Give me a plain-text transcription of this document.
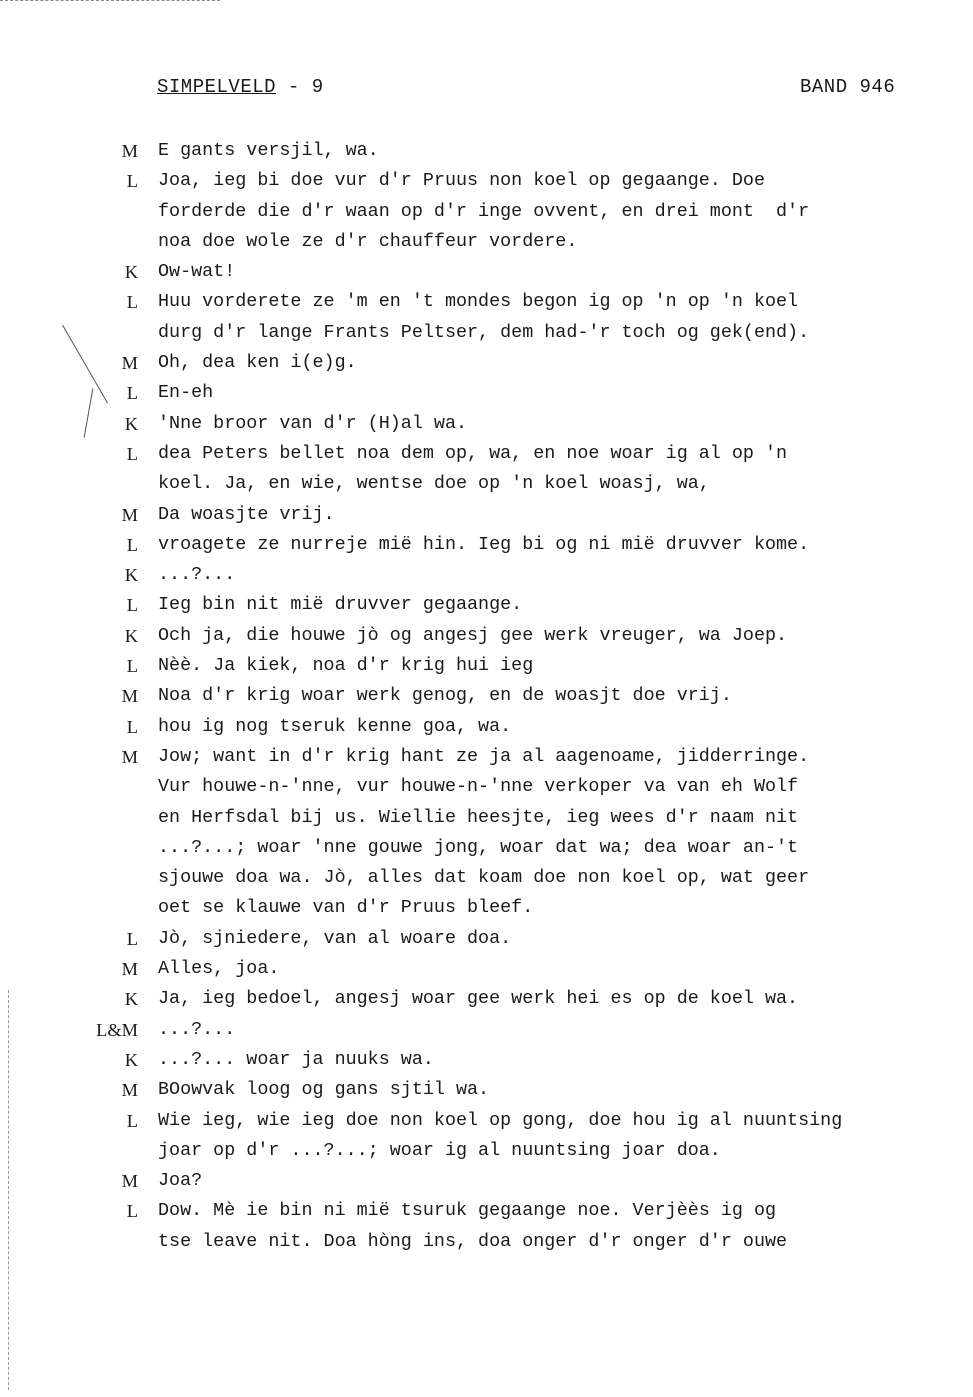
SIMPELVELD - 9	BAND 946
M E gants versjil, wa.
L Joa, ieg bi doe vur d'r Pruus non koel op gegaange. Doe
forderde die d'r waan op d'r inge ovvent, en drei mont  d'r
noa doe wole ze d'r chauffeur vordere.
K Ow-wat!
L Huu vorderete ze 'm en 't mondes begon ig op 'n op 'n koel
durg d'r lange Frants Peltser, dem had-'r toch og gek(end).
M Oh, dea ken i(e)g.
L En-eh
K 'Nne broor van d'r (H)al wa.
L dea Peters bellet noa dem op, wa, en noe woar ig al op 'n
koel. Ja, en wie, wentse doe op 'n koel woasj, wa,
M Da woasjte vrij.
L vroagete ze nurreje mië hin. Ieg bi og ni mië druvver kome.
K ...?...
L Ieg bin nit mië druvver gegaange.
K Och ja, die houwe jò og angesj gee werk vreuger, wa Joep.
L Nèè. Ja kiek, noa d'r krig hui ieg
M Noa d'r krig woar werk genog, en de woasjt doe vrij.
L hou ig nog tseruk kenne goa, wa.
M Jow; want in d'r krig hant ze ja al aagenoame, jidderringe.
Vur houwe-n-'nne, vur houwe-n-'nne verkoper va van eh Wolf
en Herfsdal bij us. Wiellie heesjte, ieg wees d'r naam nit
...?...; woar 'nne gouwe jong, woar dat wa; dea woar an-'t
sjouwe doa wa. Jò, alles dat koam doe non koel op, wat geer
oet se klauwe van d'r Pruus bleef.
L Jò, sjniedere, van al woare doa.
M Alles, joa.
K Ja, ieg bedoel, angesj woar gee werk hei es op de koel wa.
L&M ...?...
K ...?... woar ja nuuks wa.
M BOowvak loog og gans sjtil wa.
L Wie ieg, wie ieg doe non koel op gong, doe hou ig al nuuntsing
joar op d'r ...?...; woar ig al nuuntsing joar doa.
M Joa?
L Dow. Mè ie bin ni mië tsuruk gegaange noe. Verjèès ig og
tse leave nit. Doa hòng ins, doa onger d'r onger d'r ouwe
